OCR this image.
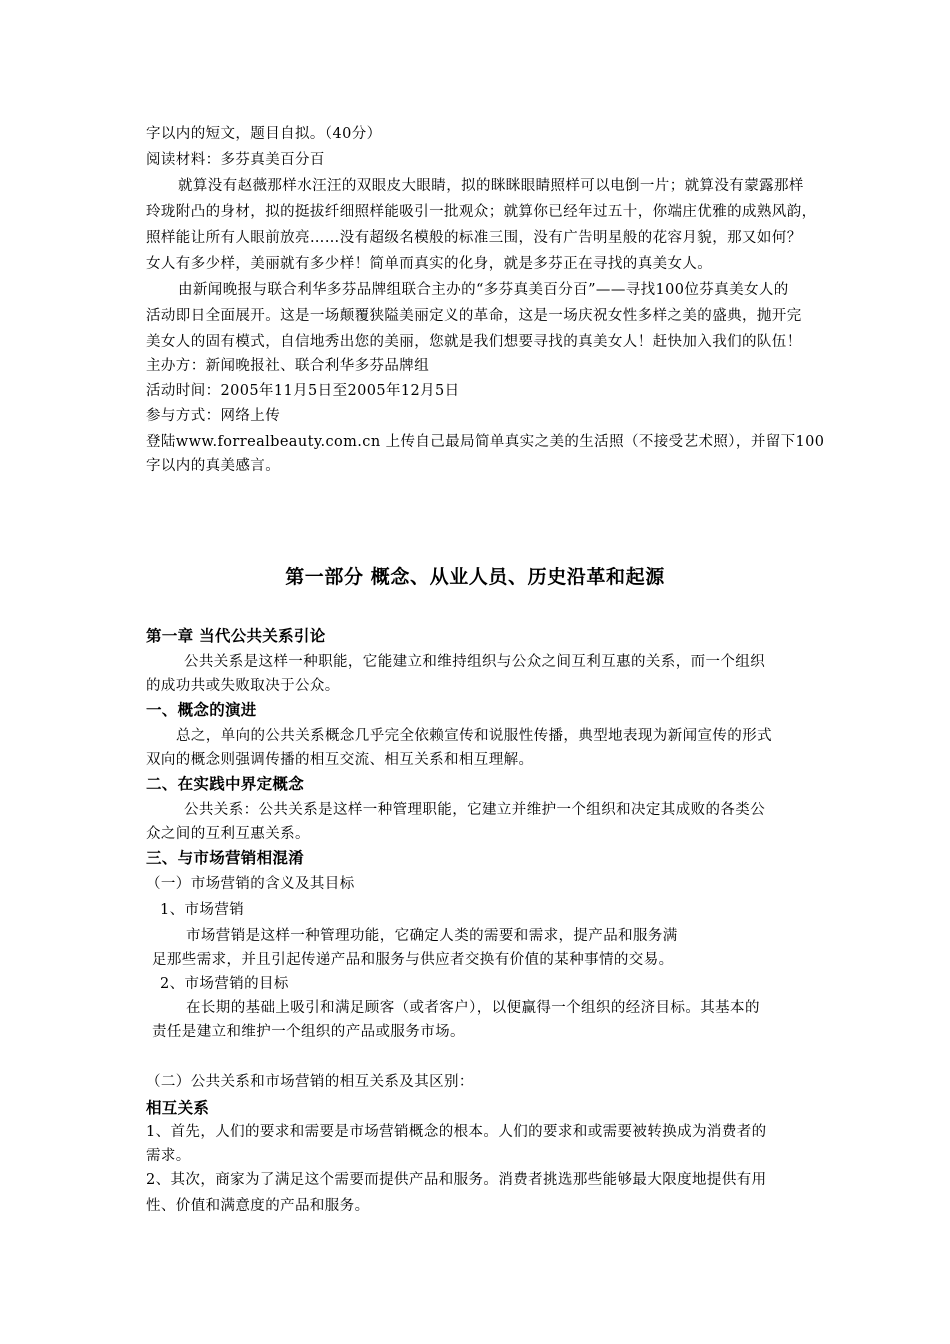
字以内的短文，题目自拟。（40分）
阅读材料：多芬真美百分百
就算没有赵薇那样水汪汪的双眼皮大眼睛，拟的眯眯眼睛照样可以电倒一片；就算没有蒙露那样
玲珑附凸的身材，拟的挺拔纤细照样能吸引一批观众；就算你已经年过五十，你端庄优雅的成熟风韵，
照样能让所有人眼前放亮……没有超级名模般的标准三围，没有广告明星般的花容月貌，那又如何？
女人有多少样，美丽就有多少样！简单而真实的化身，就是多芬正在寻找的真美女人。
由新闻晚报与联合利华多芬品牌组联合主办的“多芬真美百分百”——寻找100位芬真美女人的
活动即日全面展开。这是一场颠覆狭隘美丽定义的革命，这是一场庆祝女性多样之美的盛典，抛开完
美女人的固有模式，自信地秀出您的美丽，您就是我们想要寻找的真美女人！赶快加入我们的队伍！
主办方：新闻晚报社、联合利华多芬品牌组
活动时间：2005年11月5日至2005年12月5日
参与方式：网络上传
登陆www.forrealbeauty.com.cn 上传自己最局简单真实之美的生活照（不接受艺术照），并留下100
字以内的真美感言。
第一部分 概念、从业人员、历史沿革和起源
第一章 当代公共关系引论
公共关系是这样一种职能，它能建立和维持组织与公众之间互利互惠的关系，而一个组织
的成功共或失败取决于公众。
一、概念的演进
总之，单向的公共关系概念几乎完全依赖宣传和说服性传播，典型地表现为新闻宣传的形式
双向的概念则强调传播的相互交流、相互关系和相互理解。
二、在实践中界定概念
公共关系：公共关系是这样一种管理职能，它建立并维护一个组织和决定其成败的各类公
众之间的互利互惠关系。
三、与市场营销相混淆
（一）市场营销的含义及其目标
1、市场营销
市场营销是这样一种管理功能，它确定人类的需要和需求，提产品和服务满
足那些需求，并且引起传递产品和服务与供应者交换有价值的某种事情的交易。
2、市场营销的目标
在长期的基础上吸引和满足顾客（或者客户），以便赢得一个组织的经济目标。其基本的
责任是建立和维护一个组织的产品或服务市场。
（二）公共关系和市场营销的相互关系及其区别：
相互关系
1、首先，人们的要求和需要是市场营销概念的根本。人们的要求和或需要被转换成为消费者的
需求。
2、其次，商家为了满足这个需要而提供产品和服务。消费者挑选那些能够最大限度地提供有用
性、价值和满意度的产品和服务。
